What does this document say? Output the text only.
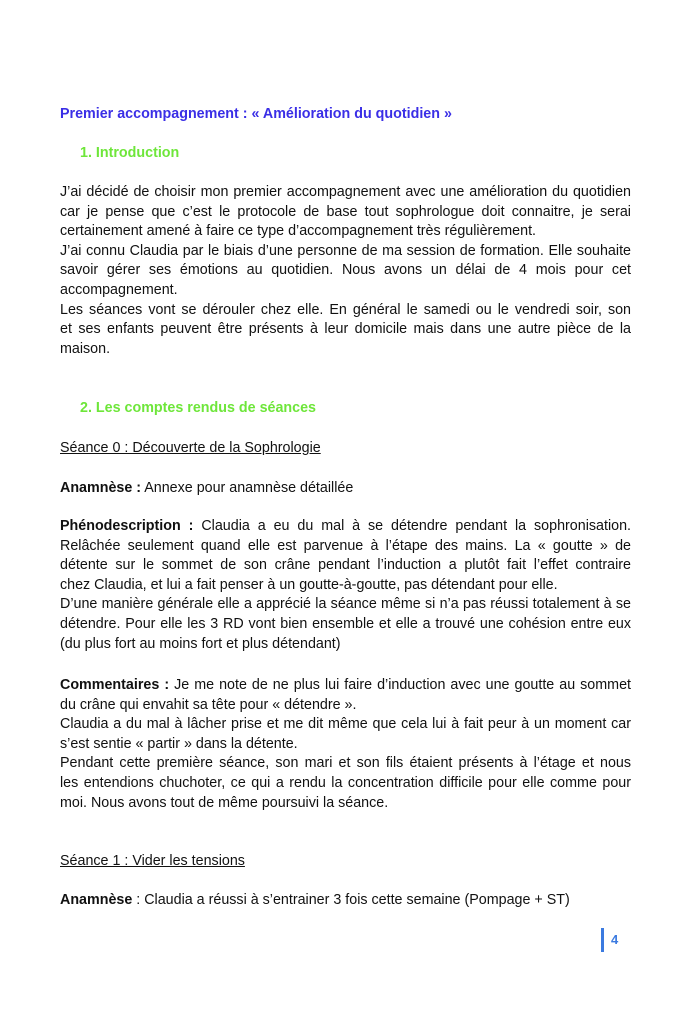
Premier accompagnement : « Amélioration du quotidien »
1. Introduction
J’ai décidé de choisir mon premier accompagnement avec une amélioration du quotidien
car je pense que c’est le protocole de base tout sophrologue doit connaitre, je serai
certainement amené à faire ce type d’accompagnement très régulièrement.
J’ai connu Claudia par le biais d’une personne de ma session de formation. Elle souhaite
savoir gérer ses émotions au quotidien. Nous avons un délai de 4 mois pour cet
accompagnement.
Les séances vont se dérouler chez elle. En général le samedi ou le vendredi soir, son
et ses enfants peuvent être présents à leur domicile mais dans une autre pièce de la
maison.
2. Les comptes rendus de séances
Séance 0 : Découverte de la Sophrologie
Anamnèse : Annexe pour anamnèse détaillée
Phénodescription : Claudia a eu du mal à se détendre pendant la sophronisation.
Relâchée seulement quand elle est parvenue à l’étape des mains. La « goutte » de
détente sur le sommet de son crâne pendant l’induction a plutôt fait l’effet contraire
chez Claudia, et lui a fait penser à un goutte-à-goutte, pas détendant pour elle.
D’une manière générale elle a apprécié la séance même si n’a pas réussi totalement à se
détendre. Pour elle les 3 RD vont bien ensemble et elle a trouvé une cohésion entre eux
(du plus fort au moins fort et plus détendant)
Commentaires : Je me note de ne plus lui faire d’induction avec une goutte au sommet
du crâne qui envahit sa tête pour « détendre ».
Claudia a du mal à lâcher prise et me dit même que cela lui à fait peur à un moment car
s’est sentie « partir » dans la détente.
Pendant cette première séance, son mari et son fils étaient présents à l’étage et nous
les entendions chuchoter, ce qui a rendu la concentration difficile pour elle comme pour
moi. Nous avons tout de même poursuivi la séance.
Séance 1 : Vider les tensions
Anamnèse : Claudia a réussi à s’entrainer 3 fois cette semaine (Pompage + ST)
4
